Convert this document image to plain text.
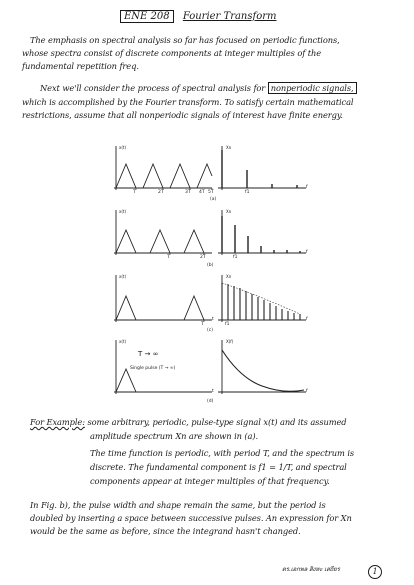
ENE 208 Fourier Transform
The emphasis on spectral analysis so far has focused on periodic functions,
whose spectra consist of discrete components at integer multiples of the
fundamental repetition freq.
Next we'll consider the process of spectral analysis for nonperiodic signals,
which is accomplished by the Fourier transform. To satisfy certain mathematical
restrictions, assume that all nonperiodic signals of interest have finite energy.
x(t)	Xn
T	2T	3T 4T 5T	f1
f
(a)
x(t)	Xn
T	2T	f1
f
(b)
x(t)	Xn
T
t
f1
f
(c)
x(t)	X(f)
T → ∞
Single pulse (T → ∞)
t	f
(d)
For Example: some arbitrary, periodic, pulse-type signal x(t) and its assumed
amplitude spectrum Xn are shown in (a).
The time function is periodic, with period T, and the spectrum is
discrete. The fundamental component is f1 = 1/T, and spectral
components appear at integer multiples of that frequency.
In Fig. b), the pulse width and shape remain the same, but the period is
doubled by inserting a space between successive pulses. An expression for Xn
would be the same as before, since the integrand hasn't changed.
ดร.เอกพล สิงหะ เสถียร	1
